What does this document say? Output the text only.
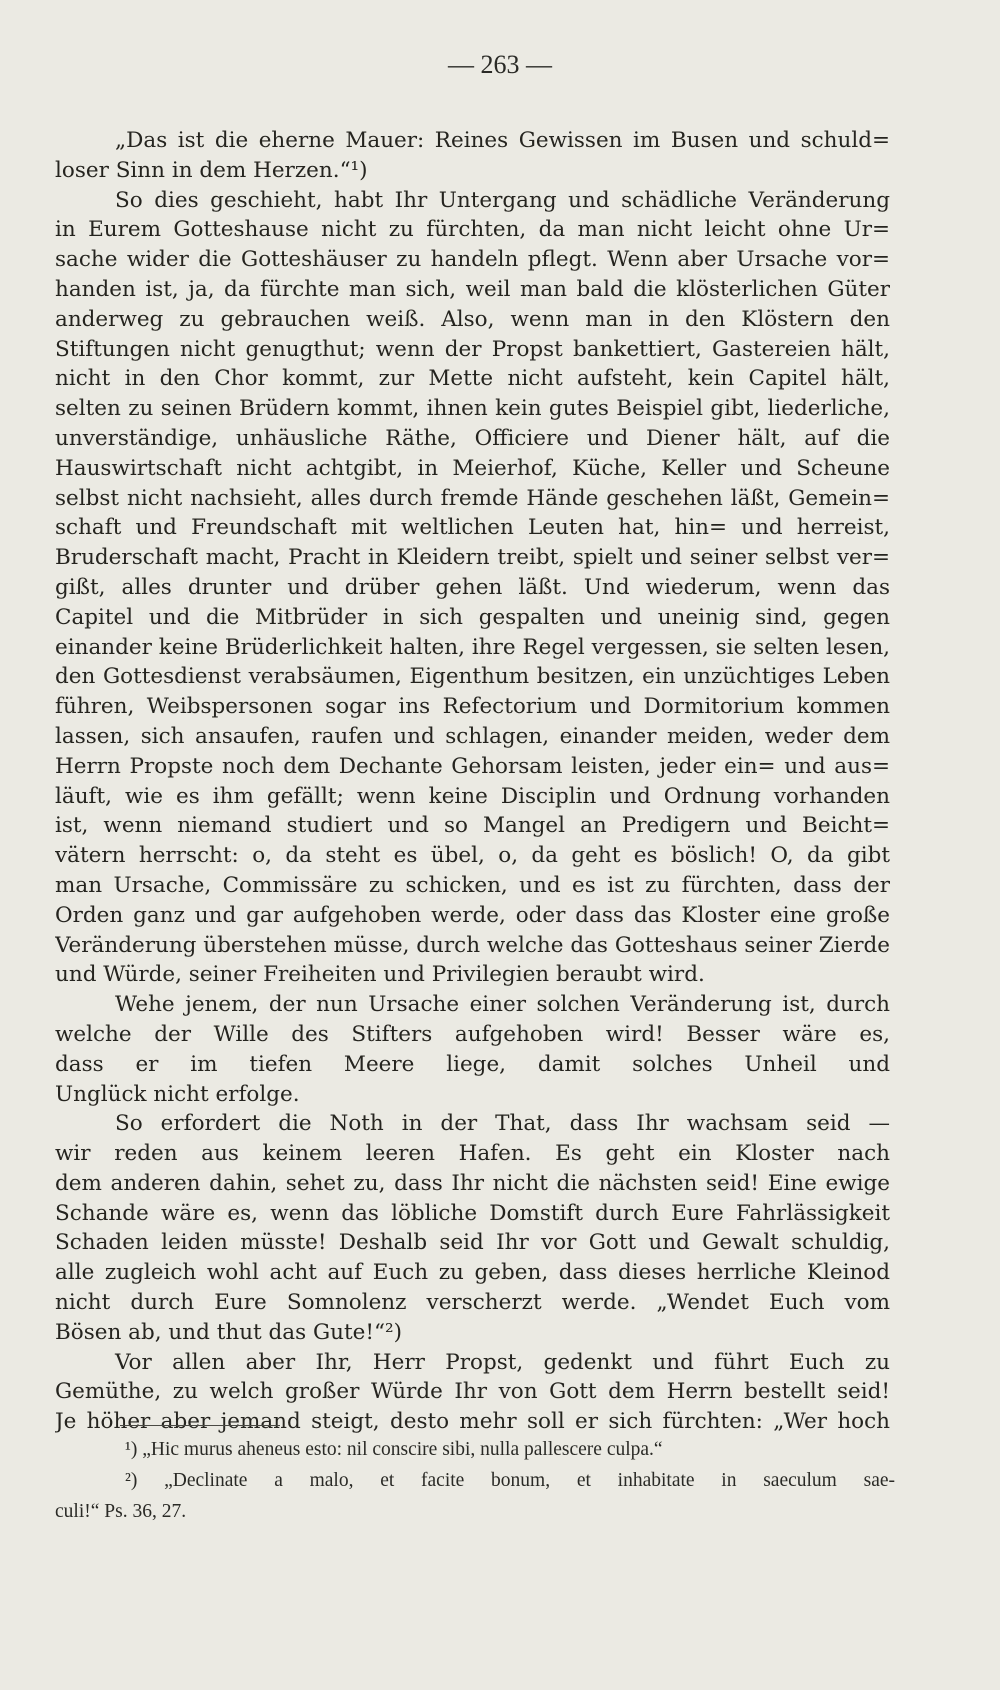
— 263 —
„Das ist die eherne Mauer: Reines Gewissen im Busen und schuld=
loser Sinn in dem Herzen.“¹)
So dies geschieht, habt Ihr Untergang und schädliche Veränderung
in Eurem Gotteshause nicht zu fürchten, da man nicht leicht ohne Ur=
sache wider die Gotteshäuser zu handeln pflegt. Wenn aber Ursache vor=
handen ist, ja, da fürchte man sich, weil man bald die klösterlichen Güter
anderweg zu gebrauchen weiß. Also, wenn man in den Klöstern den
Stiftungen nicht genugthut; wenn der Propst bankettiert, Gastereien hält,
nicht in den Chor kommt, zur Mette nicht aufsteht, kein Capitel hält,
selten zu seinen Brüdern kommt, ihnen kein gutes Beispiel gibt, liederliche,
unverständige, unhäusliche Räthe, Officiere und Diener hält, auf die
Hauswirtschaft nicht achtgibt, in Meierhof, Küche, Keller und Scheune
selbst nicht nachsieht, alles durch fremde Hände geschehen läßt, Gemein=
schaft und Freundschaft mit weltlichen Leuten hat, hin= und herreist,
Bruderschaft macht, Pracht in Kleidern treibt, spielt und seiner selbst ver=
gißt, alles drunter und drüber gehen läßt. Und wiederum, wenn das
Capitel und die Mitbrüder in sich gespalten und uneinig sind, gegen
einander keine Brüderlichkeit halten, ihre Regel vergessen, sie selten lesen,
den Gottesdienst verabsäumen, Eigenthum besitzen, ein unzüchtiges Leben
führen, Weibspersonen sogar ins Refectorium und Dormitorium kommen
lassen, sich ansaufen, raufen und schlagen, einander meiden, weder dem
Herrn Propste noch dem Dechante Gehorsam leisten, jeder ein= und aus=
läuft, wie es ihm gefällt; wenn keine Disciplin und Ordnung vorhanden
ist, wenn niemand studiert und so Mangel an Predigern und Beicht=
vätern herrscht: o, da steht es übel, o, da geht es böslich! O, da gibt
man Ursache, Commissäre zu schicken, und es ist zu fürchten, dass der
Orden ganz und gar aufgehoben werde, oder dass das Kloster eine große
Veränderung überstehen müsse, durch welche das Gotteshaus seiner Zierde
und Würde, seiner Freiheiten und Privilegien beraubt wird.
Wehe jenem, der nun Ursache einer solchen Veränderung ist, durch
welche der Wille des Stifters aufgehoben wird! Besser wäre es,
dass er im tiefen Meere liege, damit solches Unheil und
Unglück nicht erfolge.
So erfordert die Noth in der That, dass Ihr wachsam seid —
wir reden aus keinem leeren Hafen. Es geht ein Kloster nach
dem anderen dahin, sehet zu, dass Ihr nicht die nächsten seid! Eine ewige
Schande wäre es, wenn das löbliche Domstift durch Eure Fahrlässigkeit
Schaden leiden müsste! Deshalb seid Ihr vor Gott und Gewalt schuldig,
alle zugleich wohl acht auf Euch zu geben, dass dieses herrliche Kleinod
nicht durch Eure Somnolenz verscherzt werde. „Wendet Euch vom
Bösen ab, und thut das Gute!“²)
Vor allen aber Ihr, Herr Propst, gedenkt und führt Euch zu
Gemüthe, zu welch großer Würde Ihr von Gott dem Herrn bestellt seid!
Je höher aber jemand steigt, desto mehr soll er sich fürchten: „Wer hoch
¹) „Hic murus aheneus esto: nil conscire sibi, nulla pallescere culpa.“
²) „Declinate a malo, et facite bonum, et inhabitate in saeculum sae-
culi!“ Ps. 36, 27.
